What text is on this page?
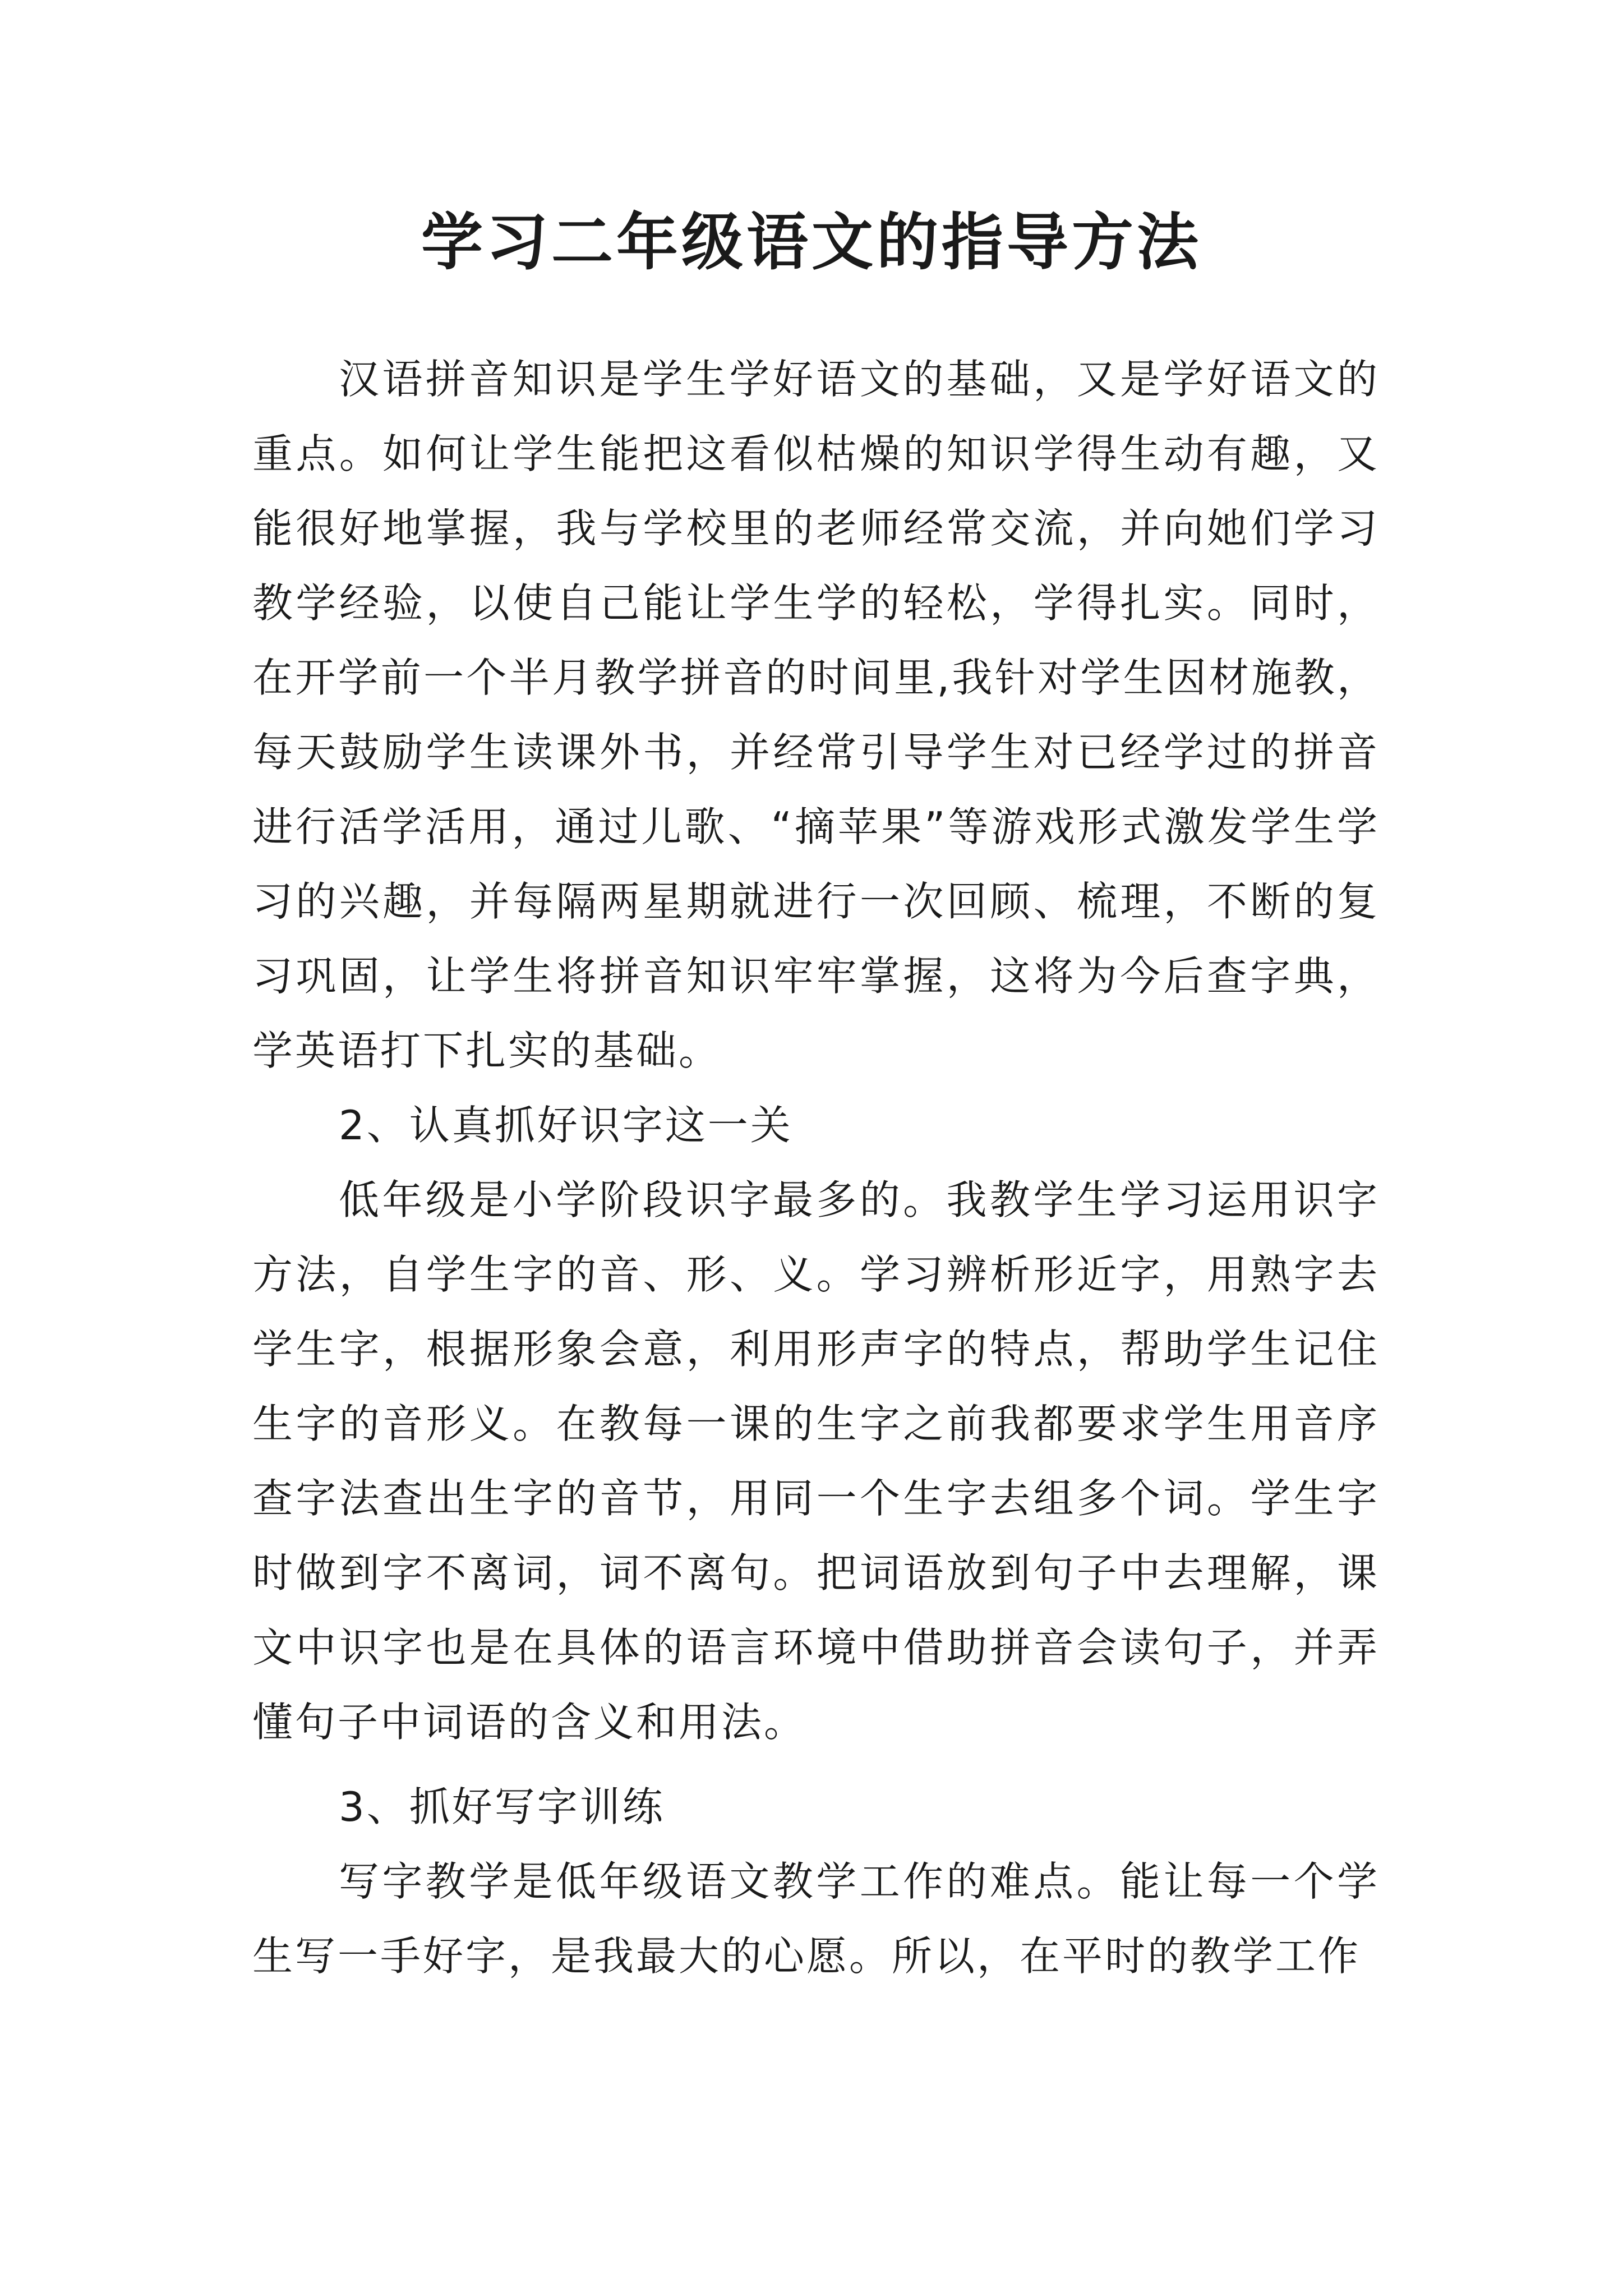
学习二年级语文的指导方法

汉语拼音知识是学生学好语文的基础，又是学好语文的重点。如何让学生能把这看似枯燥的知识学得生动有趣，又能很好地掌握，我与学校里的老师经常交流，并向她们学习教学经验，以使自己能让学生学的轻松，学得扎实。同时，在开学前一个半月教学拼音的时间里,我针对学生因材施教，每天鼓励学生读课外书，并经常引导学生对已经学过的拼音进行活学活用，通过儿歌、“摘苹果”等游戏形式激发学生学习的兴趣，并每隔两星期就进行一次回顾、梳理，不断的复习巩固，让学生将拼音知识牢牢掌握，这将为今后查字典，学英语打下扎实的基础。

2、认真抓好识字这一关

低年级是小学阶段识字最多的。我教学生学习运用识字方法，自学生字的音、形、义。学习辨析形近字，用熟字去学生字，根据形象会意，利用形声字的特点，帮助学生记住生字的音形义。在教每一课的生字之前我都要求学生用音序查字法查出生字的音节，用同一个生字去组多个词。学生字时做到字不离词，词不离句。把词语放到句子中去理解，课文中识字也是在具体的语言环境中借助拼音会读句子，并弄懂句子中词语的含义和用法。

3、抓好写字训练

写字教学是低年级语文教学工作的难点。能让每一个学生写一手好字，是我最大的心愿。所以，在平时的教学工作
